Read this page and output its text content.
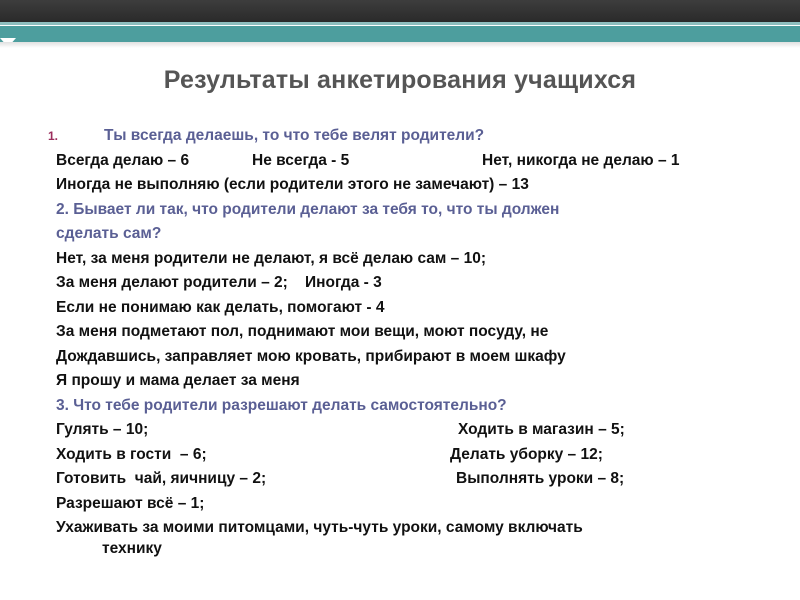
Результаты анкетирования учащихся
1.	Ты всегда делаешь, то что тебе велят родители?
Всегда делаю – 6	Не всегда - 5	Нет, никогда не делаю – 1
Иногда не выполняю (если родители этого не замечают) – 13
2. Бывает ли так, что родители делают за тебя то, что ты должен
сделать сам?
Нет, за меня родители не делают, я всё делаю сам – 10;
За меня делают родители – 2;    Иногда - 3
Если не понимаю как делать, помогают - 4
За меня подметают пол, поднимают мои вещи, моют посуду, не
Дождавшись, заправляет мою кровать, прибирают в моем шкафу
Я прошу и мама делает за меня
3. Что тебе родители разрешают делать самостоятельно?
Гулять – 10;	Ходить в магазин – 5;
Ходить в гости  – 6;	Делать уборку – 12;
Готовить  чай, яичницу – 2;	Выполнять уроки – 8;
Разрешают всё – 1;
Ухаживать за моими питомцами, чуть-чуть уроки, самому включать
технику
